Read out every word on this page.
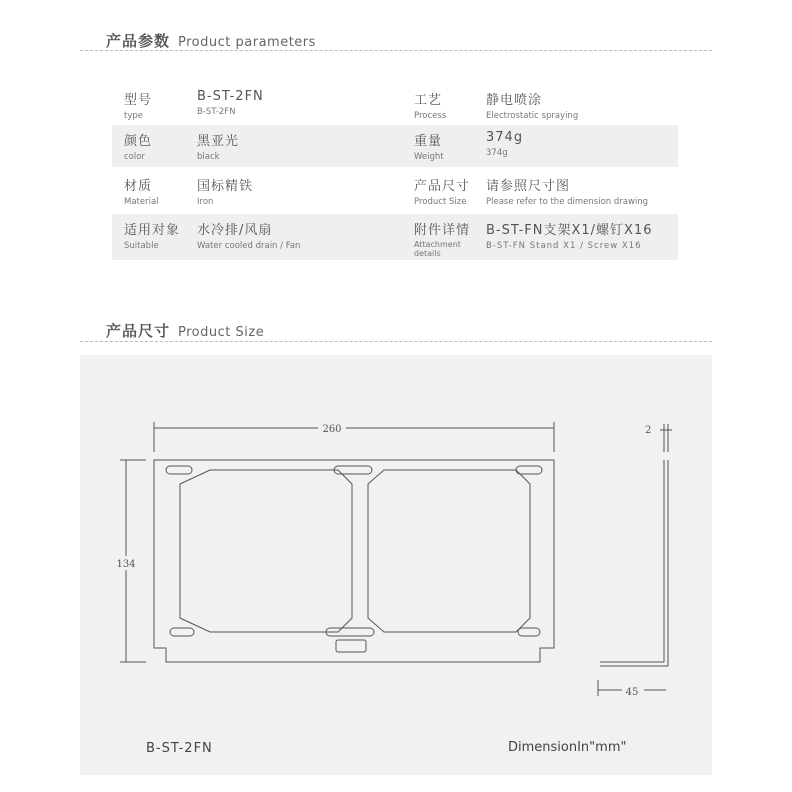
产品参数 Product parameters
型号
type
B-ST-2FN
B-ST-2FN
工艺
Process
静电喷涂
Electrostatic spraying
颜色
color
黑亚光
black
重量
Weight
374g
374g
材质
Material
国标精铁
Iron
产品尺寸
Product Size
请参照尺寸图
Please refer to the dimension drawing
适用对象
Suitable
水冷排/风扇
Water cooled drain / Fan
附件详情
Attachment details
B-ST-FN支架X1/螺钉X16
B-ST-FN Stand X1 / Screw X16
产品尺寸 Product Size
260
134
2
45
B-ST-2FN	DimensionIn"mm"
